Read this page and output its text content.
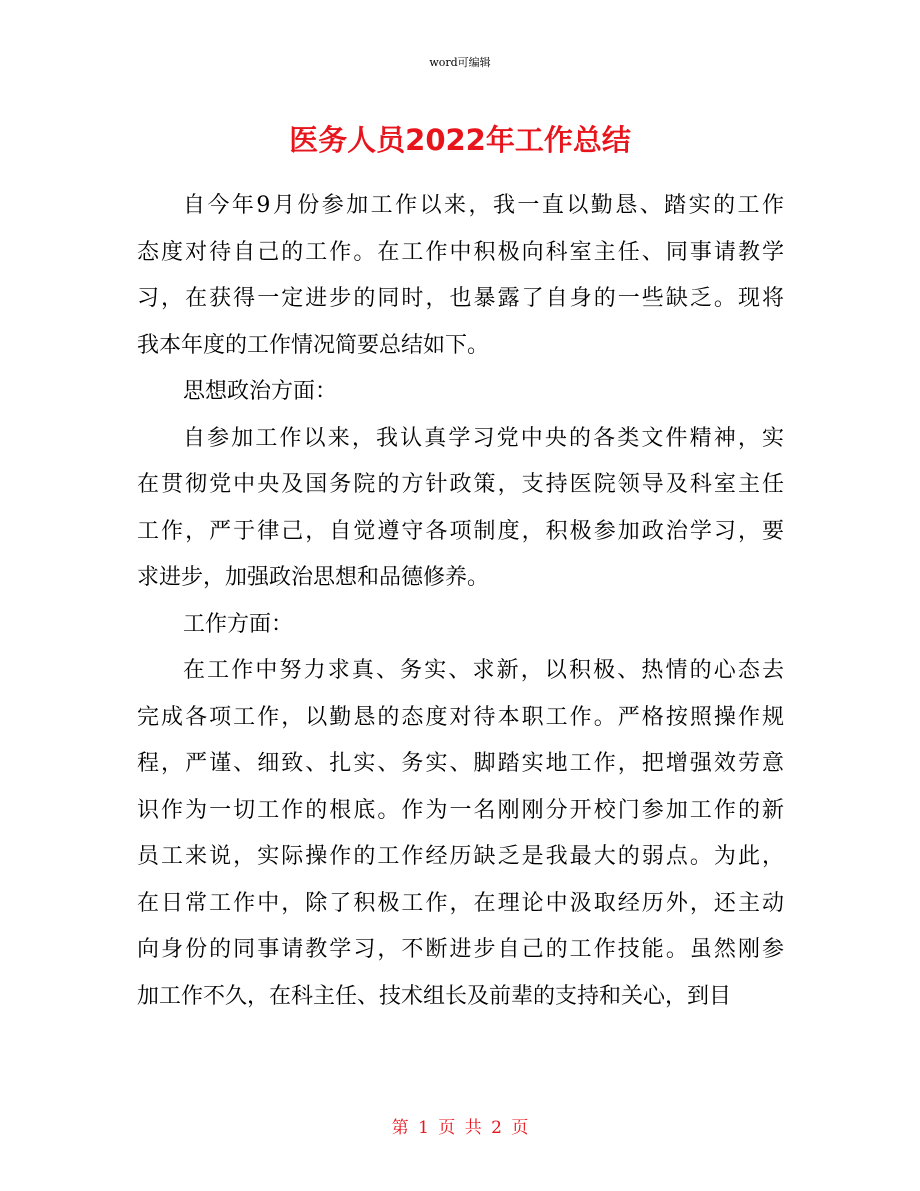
word可编辑
医务人员2022年工作总结
自今年9月份参加工作以来，我一直以勤恳、踏实的工作
态度对待自己的工作。在工作中积极向科室主任、同事请教学
习，在获得一定进步的同时，也暴露了自身的一些缺乏。现将
我本年度的工作情况简要总结如下。
思想政治方面：
自参加工作以来，我认真学习党中央的各类文件精神，实
在贯彻党中央及国务院的方针政策，支持医院领导及科室主任
工作，严于律己，自觉遵守各项制度，积极参加政治学习，要
求进步，加强政治思想和品德修养。
工作方面：
在工作中努力求真、务实、求新，以积极、热情的心态去
完成各项工作，以勤恳的态度对待本职工作。严格按照操作规
程，严谨、细致、扎实、务实、脚踏实地工作，把增强效劳意
识作为一切工作的根底。作为一名刚刚分开校门参加工作的新
员工来说，实际操作的工作经历缺乏是我最大的弱点。为此，
在日常工作中，除了积极工作，在理论中汲取经历外，还主动
向身份的同事请教学习，不断进步自己的工作技能。虽然刚参
加工作不久，在科主任、技术组长及前辈的支持和关心，到目
第 1 页 共 2 页
